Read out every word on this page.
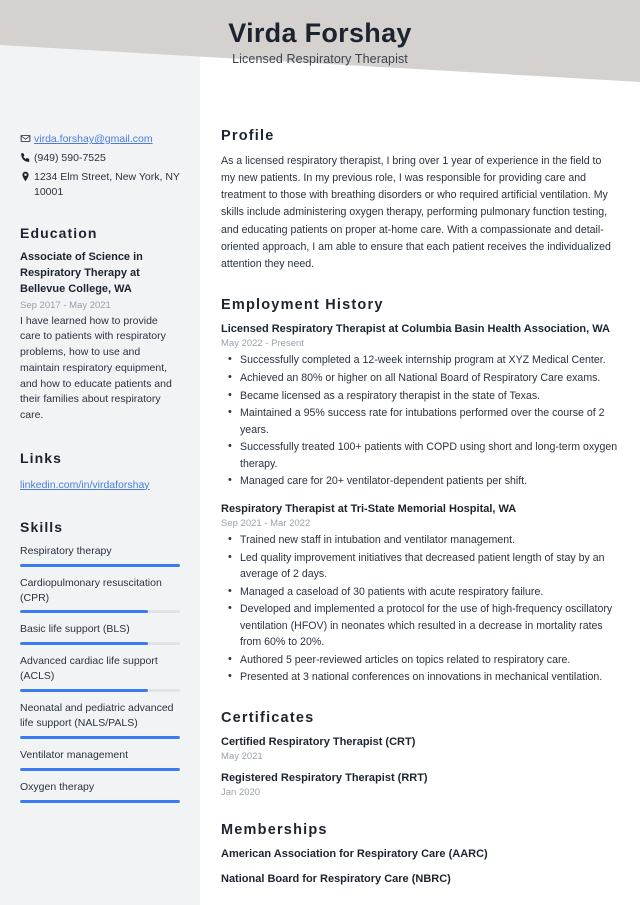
Virda Forshay
Licensed Respiratory Therapist
virda.forshay@gmail.com
(949) 590-7525
1234 Elm Street, New York, NY 10001
Education
Associate of Science in Respiratory Therapy at Bellevue College, WA
Sep 2017 - May 2021
I have learned how to provide care to patients with respiratory problems, how to use and maintain respiratory equipment, and how to educate patients and their families about respiratory care.
Links
linkedin.com/in/virdaforshay
Skills
Respiratory therapy
Cardiopulmonary resuscitation (CPR)
Basic life support (BLS)
Advanced cardiac life support (ACLS)
Neonatal and pediatric advanced life support (NALS/PALS)
Ventilator management
Oxygen therapy
Profile
As a licensed respiratory therapist, I bring over 1 year of experience in the field to my new patients. In my previous role, I was responsible for providing care and treatment to those with breathing disorders or who required artificial ventilation. My skills include administering oxygen therapy, performing pulmonary function testing, and educating patients on proper at-home care. With a compassionate and detail-oriented approach, I am able to ensure that each patient receives the individualized attention they need.
Employment History
Licensed Respiratory Therapist at Columbia Basin Health Association, WA
May 2022 - Present
• Successfully completed a 12-week internship program at XYZ Medical Center.
• Achieved an 80% or higher on all National Board of Respiratory Care exams.
• Became licensed as a respiratory therapist in the state of Texas.
• Maintained a 95% success rate for intubations performed over the course of 2 years.
• Successfully treated 100+ patients with COPD using short and long-term oxygen therapy.
• Managed care for 20+ ventilator-dependent patients per shift.
Respiratory Therapist at Tri-State Memorial Hospital, WA
Sep 2021 - Mar 2022
• Trained new staff in intubation and ventilator management.
• Led quality improvement initiatives that decreased patient length of stay by an average of 2 days.
• Managed a caseload of 30 patients with acute respiratory failure.
• Developed and implemented a protocol for the use of high-frequency oscillatory ventilation (HFOV) in neonates which resulted in a decrease in mortality rates from 60% to 20%.
• Authored 5 peer-reviewed articles on topics related to respiratory care.
• Presented at 3 national conferences on innovations in mechanical ventilation.
Certificates
Certified Respiratory Therapist (CRT)
May 2021
Registered Respiratory Therapist (RRT)
Jan 2020
Memberships
American Association for Respiratory Care (AARC)
National Board for Respiratory Care (NBRC)
